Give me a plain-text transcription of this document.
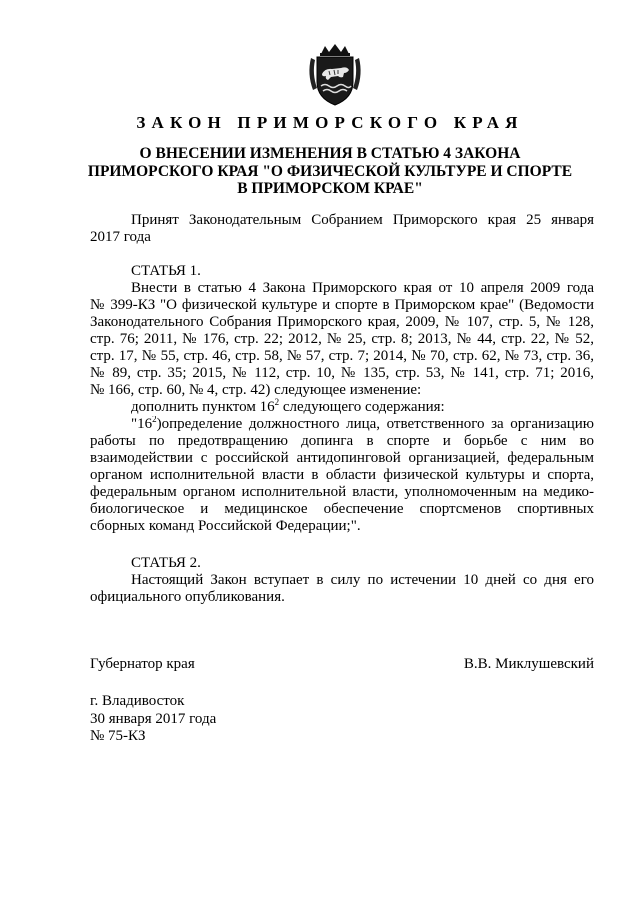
ЗАКОН ПРИМОРСКОГО КРАЯ
О ВНЕСЕНИИ ИЗМЕНЕНИЯ В СТАТЬЮ 4 ЗАКОНА
ПРИМОРСКОГО КРАЯ "О ФИЗИЧЕСКОЙ КУЛЬТУРЕ И СПОРТЕ
В ПРИМОРСКОМ КРАЕ"
Принят Законодательным Собранием Приморского края 25 января
2017 года
СТАТЬЯ 1.
Внести в статью 4 Закона Приморского края от 10 апреля 2009 года
№ 399-КЗ "О физической культуре и спорте в Приморском крае" (Ведомости
Законодательного Собрания Приморского края, 2009, № 107, стр. 5, № 128,
стр. 76; 2011, № 176, стр. 22; 2012, № 25, стр. 8; 2013, № 44, стр. 22, № 52,
стр. 17, № 55, стр. 46, стр. 58, № 57, стр. 7; 2014, № 70, стр. 62, № 73, стр. 36,
№ 89, стр. 35; 2015, № 112, стр. 10, № 135, стр. 53, № 141, стр. 71; 2016,
№ 166, стр. 60, № 4, стр. 42) следующее изменение:
дополнить пунктом $16^2$ следующего содержания:
"$16^2)определение$ должностного лица, ответственного за организацию
работы по предотвращению допинга в спорте и борьбе с ним во
взаимодействии с российской антидопинговой организацией, федеральным
органом исполнительной власти в области физической культуры и спорта,
федеральным органом исполнительной власти, уполномоченным на медико-
биологическое и медицинское обеспечение спортсменов спортивных
сборных команд Российской Федерации;".
СТАТЬЯ 2.
Настоящий Закон вступает в силу по истечении 10 дней со дня его
официального опубликования.
Губернатор края	В.В. Миклушевский
г. Владивосток
30 января 2017 года
№ 75-КЗ
